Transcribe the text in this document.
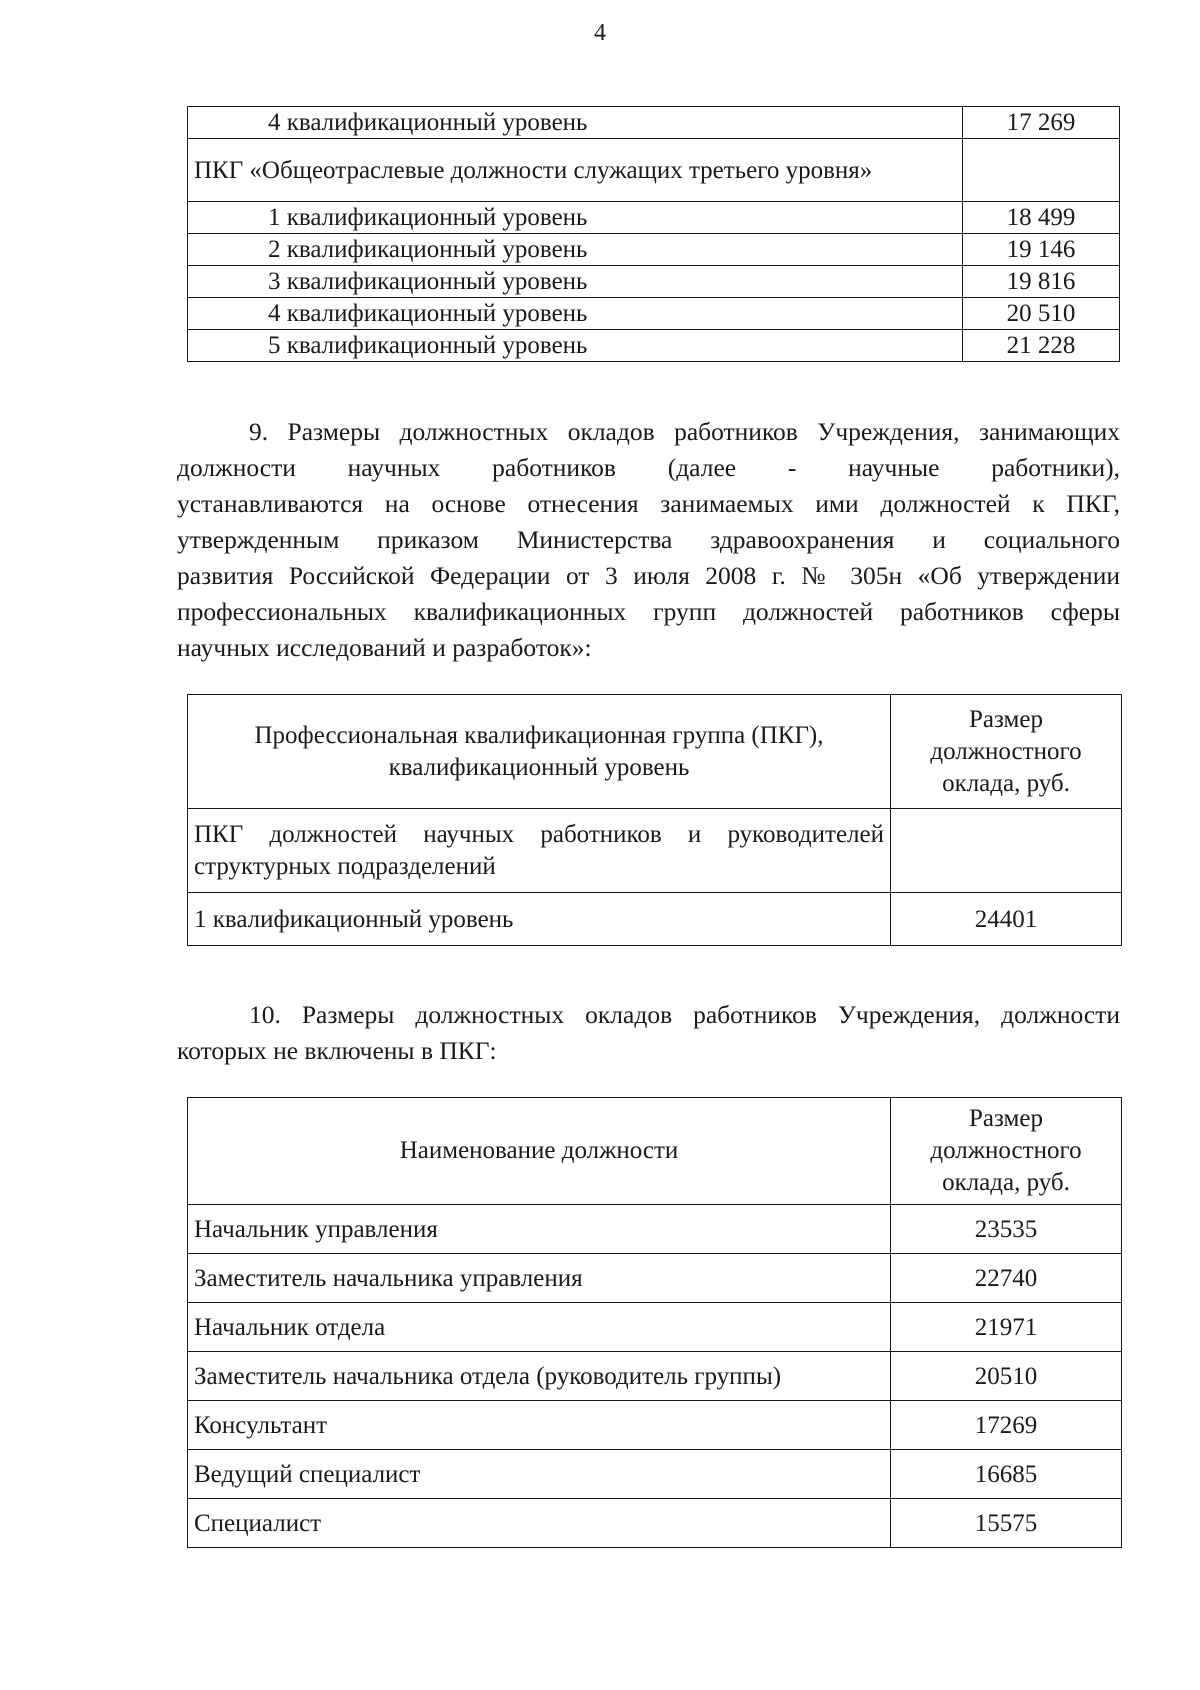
4
4 квалификационный уровень	17 269
ПКГ «Общеотраслевые должности служащих третьего уровня»	
1 квалификационный уровень	18 499
2 квалификационный уровень	19 146
3 квалификационный уровень	19 816
4 квалификационный уровень	20 510
5 квалификационный уровень	21 228
9. Размеры должностных окладов работников Учреждения, занимающих
должности научных работников (далее - научные работники),
устанавливаются на основе отнесения занимаемых ими должностей к ПКГ,
утвержденным приказом Министерства здравоохранения и социального
развития Российской Федерации от 3 июля 2008 г. № 305н «Об утверждении
профессиональных квалификационных групп должностей работников сферы
научных исследований и разработок»:
Профессиональная квалификационная группа (ПКГ), квалификационный уровень	Размер должностного оклада, руб.
ПКГ должностей научных работников и руководителей структурных подразделений	
1 квалификационный уровень	24401
10. Размеры должностных окладов работников Учреждения, должности
которых не включены в ПКГ:
Наименование должности	Размер должностного оклада, руб.
Начальник управления	23535
Заместитель начальника управления	22740
Начальник отдела	21971
Заместитель начальника отдела (руководитель группы)	20510
Консультант	17269
Ведущий специалист	16685
Специалист	15575
